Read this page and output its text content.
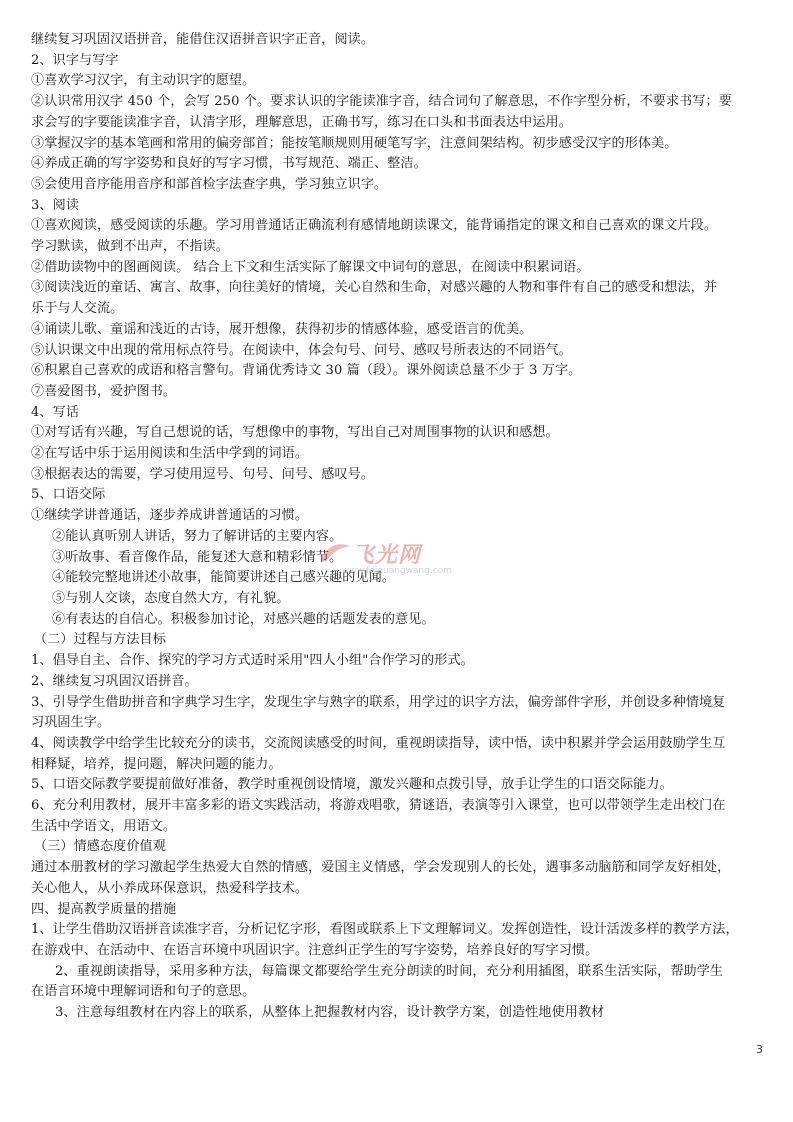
继续复习巩固汉语拼音，能借住汉语拼音识字正音，阅读。
2、识字与写字
①喜欢学习汉字，有主动识字的愿望。
②认识常用汉字 450 个，会写 250 个。要求认识的字能读准字音，结合词句了解意思，不作字型分析，不要求书写；要
求会写的字要能读准字音，认清字形，理解意思，正确书写，练习在口头和书面表达中运用。
③掌握汉字的基本笔画和常用的偏旁部首；能按笔顺规则用硬笔写字，注意间架结构。初步感受汉字的形体美。
④养成正确的写字姿势和良好的写字习惯，书写规范、端正、整洁。
⑤会使用音序能用音序和部首检字法查字典，学习独立识字。
3、阅读
①喜欢阅读，感受阅读的乐趣。学习用普通话正确流利有感情地朗读课文，能背诵指定的课文和自己喜欢的课文片段。
学习默读，做到不出声，不指读。
②借助读物中的图画阅读。 结合上下文和生活实际了解课文中词句的意思，在阅读中积累词语。
③阅读浅近的童话、寓言、故事，向往美好的情境，关心自然和生命，对感兴趣的人物和事件有自己的感受和想法，并
乐于与人交流。
④诵读儿歌、童谣和浅近的古诗，展开想像，获得初步的情感体验，感受语言的优美。
⑤认识课文中出现的常用标点符号。在阅读中，体会句号、问号、感叹号所表达的不同语气。
⑥积累自己喜欢的成语和格言警句。背诵优秀诗文 30 篇（段）。课外阅读总量不少于 3 万字。
⑦喜爱图书，爱护图书。
4、写话
①对写话有兴趣，写自己想说的话，写想像中的事物，写出自己对周围事物的认识和感想。
②在写话中乐于运用阅读和生活中学到的词语。
③根据表达的需要，学习使用逗号、句号、问号、感叹号。
5、口语交际
①继续学讲普通话，逐步养成讲普通话的习惯。
②能认真听别人讲话，努力了解讲话的主要内容。
③听故事、看音像作品，能复述大意和精彩情节。
④能较完整地讲述小故事，能简要讲述自己感兴趣的见闻。
⑤与别人交谈，态度自然大方，有礼貌。
⑥有表达的自信心。积极参加讨论，对感兴趣的话题发表的意见。
（二）过程与方法目标
1、倡导自主、合作、探究的学习方式适时采用"四人小组"合作学习的形式。
2、继续复习巩固汉语拼音。
3、引导学生借助拼音和字典学习生字，发现生字与熟字的联系，用学过的识字方法，偏旁部件字形，并创设多种情境复
习巩固生字。
4、阅读教学中给学生比较充分的读书，交流阅读感受的时间，重视朗读指导，读中悟，读中积累并学会运用鼓励学生互
相释疑，培养，提问题，解决问题的能力。
5、口语交际教学要提前做好准备，教学时重视创设情境，激发兴趣和点拨引导，放手让学生的口语交际能力。
6、充分利用教材，展开丰富多彩的语文实践活动，将游戏唱歌，猜谜语，表演等引入课堂，也可以带领学生走出校门在
生活中学语文，用语文。
（三）情感态度价值观
通过本册教材的学习激起学生热爱大自然的情感，爱国主义情感，学会发现别人的长处，遇事多动脑筋和同学友好相处，
关心他人，从小养成环保意识，热爱科学技术。
四、提高教学质量的措施
1、让学生借助汉语拼音读准字音，分析记忆字形，看图或联系上下文理解词义。发挥创造性，设计活泼多样的教学方法，
在游戏中、在活动中、在语言环境中巩固识字。注意纠正学生的写字姿势，培养良好的写字习惯。
2、重视朗读指导，采用多种方法，每篇课文都要给学生充分朗读的时间，充分利用插图，联系生活实际，帮助学生
在语言环境中理解词语和句子的意思。
3、注意每组教材在内容上的联系，从整体上把握教材内容，设计教学方案，创造性地使用教材
飞光网
www.feiguangwang.com
3
